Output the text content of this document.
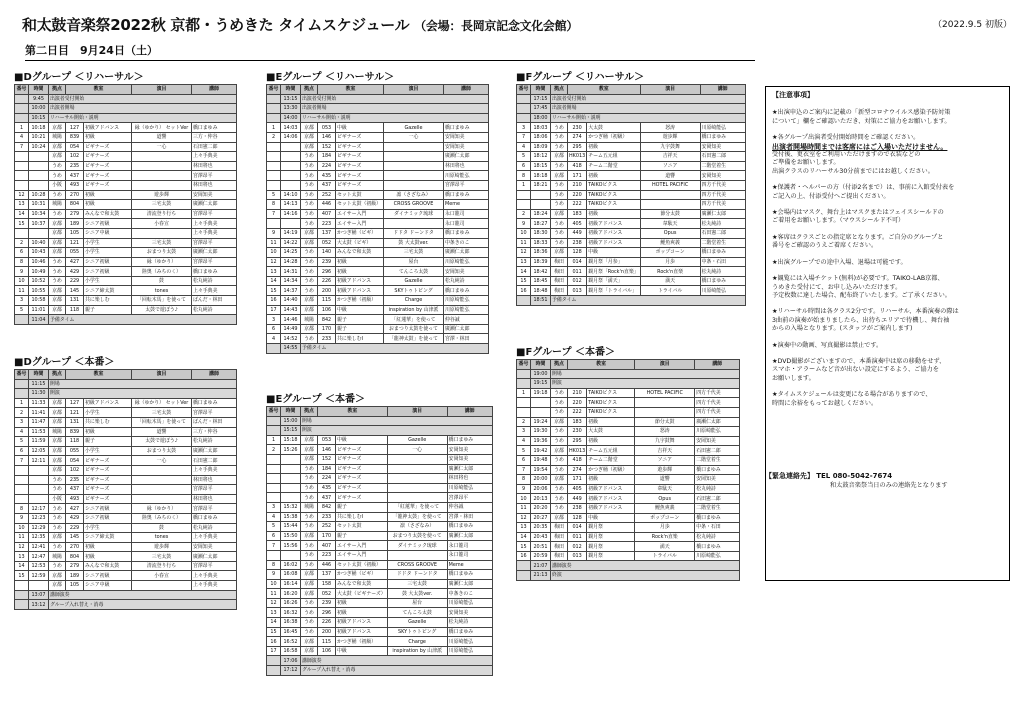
和太鼓音楽祭2022秋 京都・うめきた タイムスケジュール （会場：長岡京記念文化会館）	（2022.9.5 初版）
第二日目　9月24日（土）
■Dグループ ＜リハーサル＞
番号	時間	拠点	教室		演目	講師
	9:45	出演者受付開始				
	10:00	出演者開場				
	10:15	リハーサル開始・説明				
1	10:18	京都	127	初級アドバンス	縁（ゆかり） セットVer	橋口まゆみ
4	10:21	城陽	839	初級	道響	三方・仲谷
7	10:24	京都	054	ビギナーズ	一心	石田憲二郎
		京都	102	ビギナーズ		上々手典美
		うめ	235	ビギナーズ		林田将也
		うめ	437	ビギナーズ		宮澤昂平
		小阪	493	ビギナーズ		林田将也
12	10:28	うめ	270	初級	遊歩輝	安岡知美
13	10:31	城陽	804	初級	三宅太鼓	廣瀬仁太郎
14	10:34	うめ	279	みんなで和太鼓	清流登り行ち	宮澤昂平
15	10:37	京都	189	シニア初級	小春宣	上々手典美
		京都	105	シニア中級		上々手典美
2	10:40	京都	121	小学生	三宅太鼓	宮澤昂平
6	10:43	京都	055	小学生	おまつり太鼓	廣瀬仁太郎
8	10:46	うめ	427	シニア初級	縁（ゆかり）	宮澤昂平
9	10:49	うめ	429	シニア初級	陸奥（みちのく）	橋口まゆみ
10	10:52	うめ	229	小学生	鼓	松丸純詩
11	10:55	京都	145	シニア締太鼓	tones	上々手典美
3	10:58	京都	131	共に楽しむ	「回転木馬」を使って	ばんだ・林田
5	11:01	京都	118	親子	太鼓で遊ぼう♪	松丸純詩
	11:04	予備タイム				
■Dグループ ＜本番＞
番号	時間	拠点	教室		演目	講師
	11:15	開場				
	11:30	開演				
1	11:33	京都	127	初級アドバンス	縁（ゆかり） セットVer	橋口まゆみ
2	11:41	京都	121	小学生	三宅太鼓	宮澤昂平
3	11:47	京都	131	共に楽しむ	「回転木馬」を使って	ばんだ・林田
4	11:53	城陽	839	初級	道響	三方・仲谷
5	11:59	京都	118	親子	太鼓で遊ぼう♪	松丸純詩
6	12:05	京都	055	小学生	おまつり太鼓	廣瀬仁太郎
7	12:11	京都	054	ビギナーズ	一心	石田憲二郎
		京都	102	ビギナーズ		上々手典美
		うめ	235	ビギナーズ		林田将也
		うめ	437	ビギナーズ		宮澤昂平
		小阪	493	ビギナーズ		林田将也
8	12:17	うめ	427	シニア初級	縁（ゆかり）	宮澤昂平
9	12:23	うめ	429	シニア初級	陸奥（みちのく）	橋口まゆみ
10	12:29	うめ	229	小学生	鼓	松丸純詩
11	12:35	京都	145	シニア締太鼓	tones	上々手典美
12	12:41	うめ	270	初級	遊歩輝	安岡知美
13	12:47	城陽	804	初級	三宅太鼓	廣瀬仁太郎
14	12:53	うめ	279	みんなで和太鼓	清流登り行ち	宮澤昂平
15	12:59	京都	189	シニア初級	小春宣	上々手典美
		京都	105	シニア中級		上々手典美
	13:07	講師演奏				
	13:12	グループ入れ替え・消毒				
■Eグループ ＜リハーサル＞
番号	時間	拠点	教室		演目	講師
	13:15	出演者受付開始				
	13:30	出演者開場				
	14:00	リハーサル開始・説明				
1	14:03	京都	053	中級	Gazelle	橋口まゆみ
2	14:06	京都	146	ビギナーズ	一心	安岡知美
		京都	152	ビギナーズ		安岡知美
		うめ	184	ビギナーズ		廣瀬仁太郎
		うめ	224	ビギナーズ		林田将也
		うめ	435	ビギナーズ		川原崎能弘
		うめ	437	ビギナーズ		宮澤昂平
5	14:10	うめ	252	セット太鼓	凛（さざなみ）	橋口まゆみ
8	14:13	うめ	446	セット太鼓（初級）	CROSS GROOVE	Meme
7	14:16	うめ	407	エイサー入門	ダイナミック琉球	永口龍司
		うめ	223	エイサー入門		永口龍司
9	14:19	京都	137	かつぎ桶（ビギ）	ドドタ ドーンドタ	橋口まゆみ
11	14:22	京都	052	大太鼓（ビギ）	鼓 大太鼓ver.	中条きのこ
10	14:25	うめ	140	みんなで和太鼓	三宅太鼓	廣瀬仁太郎
12	14:28	うめ	239	初級	屋台	川原崎能弘
13	14:31	うめ	296	初級	てんころ太鼓	安岡知美
14	14:34	うめ	226	初級アドバンス	Gazelle	松丸純詩
15	14:37	うめ	200	初級アドバンス	SKYトゥトピング	橋口まゆみ
16	14:40	京都	115	かつぎ桶（初級）	Charge	川原崎能弘
17	14:43	京都	106	中級	inspiration by 山津派	川原崎能弘
3	14:46	城陽	842	親子	「紅蓮華」を使って	仲谷誠
6	14:49	京都	170	親子	おまつり太鼓を使って	廣瀬仁太郎
4	14:52	うめ	233	共に楽しむⅠ	「龍神太鼓」を使って	宮澤・林田
	14:55	予備タイム				
■Eグループ ＜本番＞
番号	時間	拠点	教室		演目	講師
	15:00	開場				
	15:15	開演				
1	15:18	京都	053	中級	Gazelle	橋口まゆみ
2	15:26	京都	146	ビギナーズ	一心	安岡知美
		京都	152	ビギナーズ		安岡知美
		うめ	184	ビギナーズ		廣瀬仁太郎
		うめ	224	ビギナーズ		林田将也
		うめ	435	ビギナーズ		川原崎能弘
		うめ	437	ビギナーズ		宮澤昂平
3	15:32	城陽	842	親子	「紅蓮華」を使って	仲谷誠
4	15:38	うめ	233	共に楽しむⅠ	「龍神太鼓」を使って	宮澤・林田
5	15:44	うめ	252	セット太鼓	凛（さざなみ）	橋口まゆみ
6	15:50	京都	170	親子	おまつり太鼓を使って	廣瀬仁太郎
7	15:56	うめ	407	エイサー入門	ダイナミック琉球	永口龍司
		うめ	223	エイサー入門		永口龍司
8	16:02	うめ	446	セット太鼓（初級）	CROSS GROOVE	Meme
9	16:08	京都	137	かつぎ桶（ビギ）	ドドタ ドーンドタ	橋口まゆみ
10	16:14	京都	158	みんなで和太鼓	三宅太鼓	廣瀬仁太郎
11	16:20	京都	052	大太鼓（ビギナーズ）	鼓 大太鼓ver.	中条きのこ
12	16:26	うめ	239	初級	屋台	川原崎能弘
13	16:32	うめ	296	初級	てんころ太鼓	安岡知美
14	16:38	うめ	226	初級アドバンス	Gazelle	松丸純詩
15	16:45	うめ	200	初級アドバンス	SKYトゥトピング	橋口まゆみ
16	16:52	京都	115	かつぎ桶（初級）	Charge	川原崎能弘
17	16:58	京都	106	中級	inspiration by 山津派	川原崎能弘
	17:06	講師演奏				
	17:12	グループ入れ替え・消毒				
■Fグループ ＜リハーサル＞
番号	時間	拠点	教室		演目	講師
	17:15	出演者受付開始				
	17:45	出演者開場				
	18:00	リハーサル開始・説明				
3	18:03	うめ	230	大太鼓	怒涛	川原崎能弘
7	18:06	うめ	274	かつぎ桶（初級）	遊歩輝	橋口まゆみ
4	18:09	うめ	295	初級	九宇鼓舞	安岡知美
5	18:12	京都	HK013	チーム五元組	吉祥天	石田憲二郎
6	18:15	うめ	418	チーム二階堂	ソニア	二階堂着生
8	18:18	京都	171	初級	道響	安岡知美
1	18:21	うめ	210	TAIKOピクス	HOTEL PACIFIC	四方千代美
		うめ	220	TAIKOピクス		四方千代美
		うめ	222	TAIKOピクス		四方千代美
2	18:24	京都	183	初級	節分太鼓	廣瀬仁太郎
9	18:27	うめ	405	初級アドバンス	韋駄天	松丸純詩
10	18:30	うめ	449	初級アドバンス	Opus	石田憲二郎
11	18:33	うめ	238	初級アドバンス	鯉魚爽義	二階堂着生
12	18:36	京都	128	中級	ポップコーン	橋口まゆみ
13	18:39	梅田	014	観月祭「月参」	月歩	中条・石田
14	18:42	梅田	011	観月祭「Rock'n直楽」	Rock'n直楽	松丸純詩
15	18:45	梅田	012	観月祭「満天」	満天	橋口まゆみ
16	18:48	梅田	013	観月祭「トライバル」	トライバル	川原崎能弘
	18:51	予備タイム				
■Fグループ ＜本番＞
番号	時間	拠点	教室		演目	講師
	19:00	開場				
	19:15	開演				
1	19:18	うめ	210	TAIKOピクス	HOTEL PACIFIC	四方千代美
		うめ	220	TAIKOピクス		四方千代美
		うめ	222	TAIKOピクス		四方千代美
2	19:24	京都	183	初級	節分太鼓	廣瀬仁太郎
3	19:30	うめ	230	大太鼓	怒涛	川原崎能弘
4	19:36	うめ	295	初級	九宇鼓舞	安岡知美
5	19:42	京都	HK013	チーム五元組	吉祥天	石田憲二郎
6	19:48	うめ	418	チーム二階堂	ソニア	二階堂着生
7	19:54	うめ	274	かつぎ桶（初級）	遊歩輝	橋口まゆみ
8	20:00	京都	171	初級	道響	安岡知美
9	20:06	うめ	405	初級アドバンス	韋駄天	松丸純詩
10	20:13	うめ	449	初級アドバンス	Opus	石田憲二郎
11	20:20	うめ	238	初級アドバンス	鯉魚爽義	二階堂着生
12	20:27	京都	128	中級	ポップコーン	橋口まゆみ
13	20:35	梅田	014	観月祭	月歩	中条・石田
14	20:43	梅田	011	観月祭	Rock'n直楽	松丸純詩
15	20:51	梅田	012	観月祭	満天	橋口まゆみ
16	20:59	梅田	013	観月祭	トライバル	川原崎能弘
	21:07	講師演奏				
	21:13	終演				
【注意事項】
★出演申込のご案内に記載の「新型コロナウイルス感染予防対策
について」欄をご確認いただき、対策にご協力をお願いします。
★各グループ出演者受付開始時間をご確認ください。
出演者開場時間までは客席にはご入場いただけません。
受付後、更衣室をご利用いただけますので衣装などの
ご準備をお願いします。
出演クラスのリハーサル30分前までにはお越しください。
★保護者・ヘルパーの方（付添2名まで）は、事前に入館受付表を
ご記入の上、付添受付へご提出ください。
★会場内はマスク、舞台上はマスクまたはフェイスシールドの
ご着用をお願いします。（マウスシールド不可）
★客席はクラスごとの指定席となります。ご自分のグループと
番号をご確認のうえご着席ください。
★出演グループでの途中入場、退場は可能です。
★観覧には入場チケット(無料)が必要です。TAIKO-LAB京都、
うめきた受付にて、お申し込みいただけます。
予定枚数に達した場合、配布終了いたします。ご了承ください。
★リハーサル時間は各クラス2分です。リハーサル、本番演奏の際は
3曲前の演奏が始まりましたら、出待ちエリアで待機し、舞台袖
からの入場となります。(スタッフがご案内します)
★演奏中の動画、写真撮影は禁止です。
★DVD撮影がございますので、本番演奏中は席の移動をせず、
スマホ・アラームなど音が出ない設定にするよう、ご協力を
お願いします。
★タイムスケジュールは変更になる場合がありますので、
時間に余裕をもってお越しください。
【緊急連絡先】 TEL 080-5042-7674
和太鼓音楽祭当日のみの連絡先となります
